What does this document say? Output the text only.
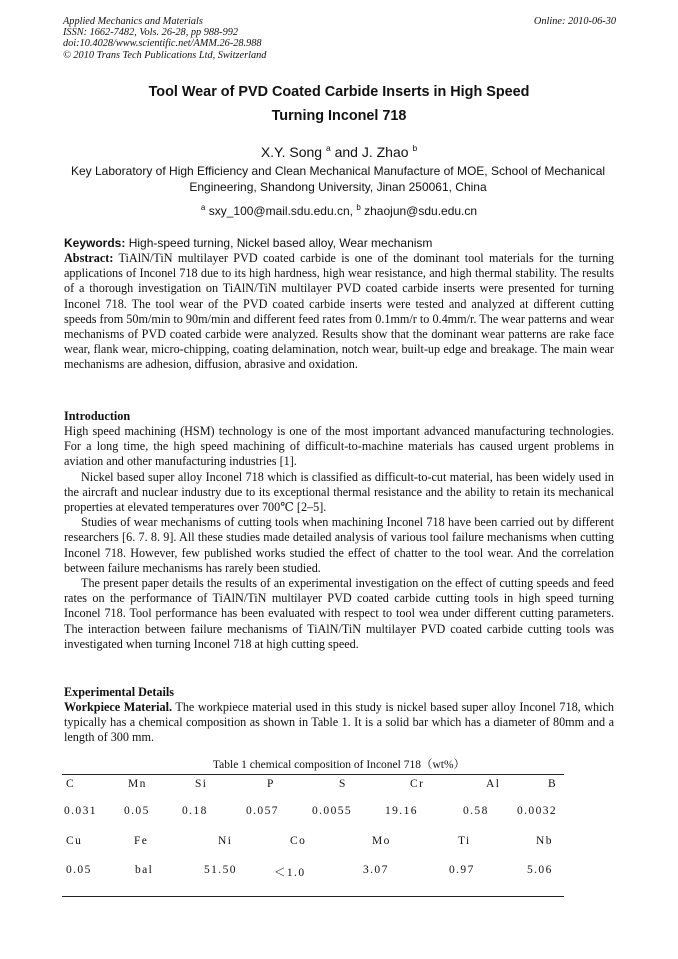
Applied Mechanics and Materials
ISSN: 1662-7482, Vols. 26-28, pp 988-992
doi:10.4028/www.scientific.net/AMM.26-28.988
© 2010 Trans Tech Publications Ltd, Switzerland
Online: 2010-06-30
Tool Wear of PVD Coated Carbide Inserts in High Speed
Turning Inconel 718
X.Y. Song $^a$ and J. Zhao $^b$
Key Laboratory of High Efficiency and Clean Mechanical Manufacture of MOE, School of Mechanical
Engineering, Shandong University, Jinan 250061, China
$^a$ sxy_100@mail.sdu.edu.cn, $^b$ zhaojun@sdu.edu.cn
Keywords: High-speed turning, Nickel based alloy, Wear mechanism

Abstract: TiAlN/TiN multilayer PVD coated carbide is one of the dominant tool materials for the turning applications of Inconel 718 due to its high hardness, high wear resistance, and high thermal stability. The results of a thorough investigation on TiAlN/TiN multilayer PVD coated carbide inserts were presented for turning Inconel 718. The tool wear of the PVD coated carbide inserts were tested and analyzed at different cutting speeds from 50m/min to 90m/min and different feed rates from 0.1mm/r to 0.4mm/r. The wear patterns and wear mechanisms of PVD coated carbide were analyzed. Results show that the dominant wear patterns are rake face wear, flank wear, micro-chipping, coating delamination, notch wear, built-up edge and breakage. The main wear mechanisms are adhesion, diffusion, abrasive and oxidation.

Introduction

High speed machining (HSM) technology is one of the most important advanced manufacturing technologies. For a long time, the high speed machining of difficult-to-machine materials has caused urgent problems in aviation and other manufacturing industries [1].

Nickel based super alloy Inconel 718 which is classified as difficult-to-cut material, has been widely used in the aircraft and nuclear industry due to its exceptional thermal resistance and the ability to retain its mechanical properties at elevated temperatures over 700℃ [2–5].

Studies of wear mechanisms of cutting tools when machining Inconel 718 have been carried out by different researchers [6. 7. 8. 9]. All these studies made detailed analysis of various tool failure mechanisms when cutting Inconel 718. However, few published works studied the effect of chatter to the tool wear. And the correlation between failure mechanisms has rarely been studied.

The present paper details the results of an experimental investigation on the effect of cutting speeds and feed rates on the performance of TiAlN/TiN multilayer PVD coated carbide cutting tools in high speed turning Inconel 718. Tool performance has been evaluated with respect to tool wea under different cutting parameters. The interaction between failure mechanisms of TiAlN/TiN multilayer PVD coated carbide cutting tools was investigated when turning Inconel 718 at high cutting speed.

Experimental Details

Workpiece Material. The workpiece material used in this study is nickel based super alloy Inconel 718, which typically has a chemical composition as shown in Table 1. It is a solid bar which has a diameter of 80mm and a length of 300 mm.

Table 1 chemical composition of Inconel 718（wt%）
C	Mn	Si	P	S	Cr	Al	B
0.031 0.05	0.18	0.057	0.0055	19.16	0.58 0.0032
Cu	Fe	Ni	Co	Mo	Ti	Nb
0.05	bal	51.50	＜1.0	3.07	0.97	5.06
